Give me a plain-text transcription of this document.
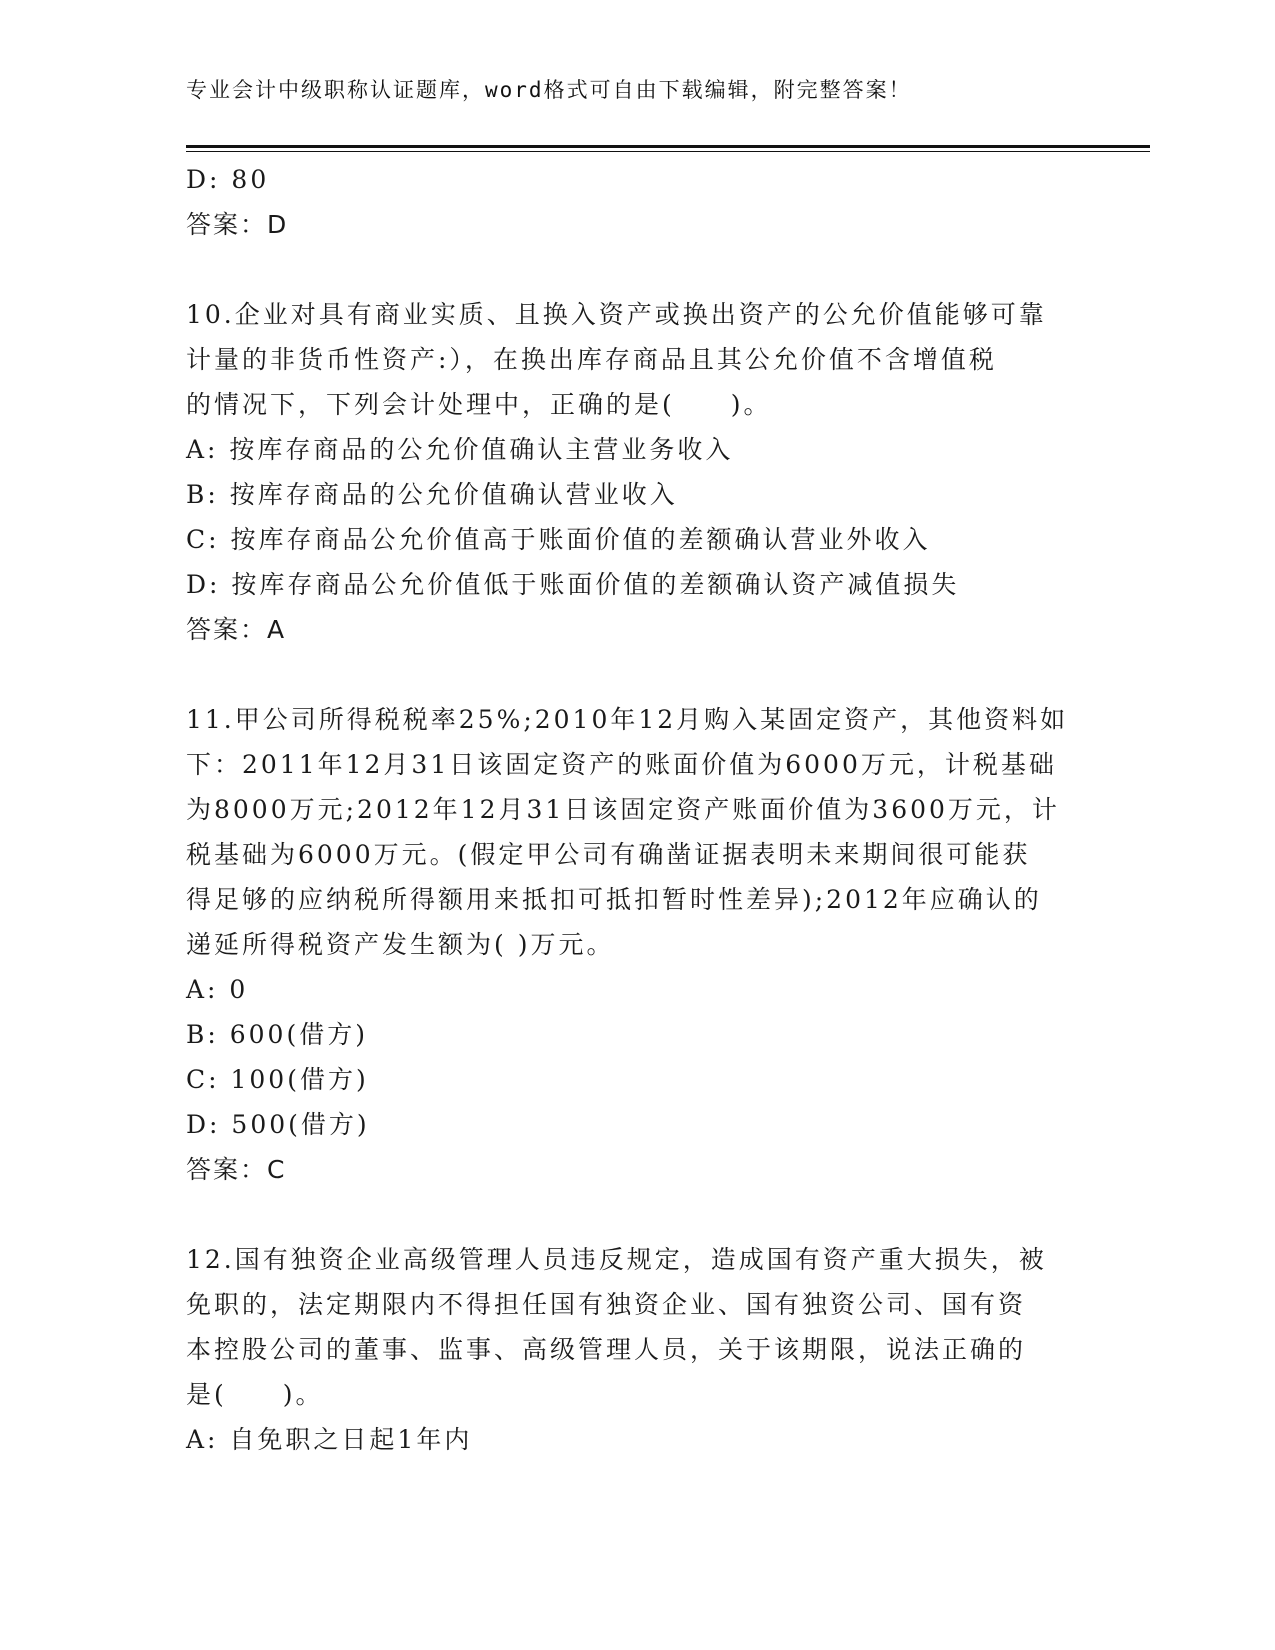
专业会计中级职称认证题库，word格式可自由下载编辑，附完整答案！
D: 80
答案：D
10.企业对具有商业实质、且换入资产或换出资产的公允价值能够可靠
计量的非货币性资产:），在换出库存商品且其公允价值不含增值税
的情况下，下列会计处理中，正确的是(　　)。
A: 按库存商品的公允价值确认主营业务收入
B: 按库存商品的公允价值确认营业收入
C: 按库存商品公允价值高于账面价值的差额确认营业外收入
D: 按库存商品公允价值低于账面价值的差额确认资产减值损失
答案：A
11.甲公司所得税税率25%;2010年12月购入某固定资产，其他资料如
下：2011年12月31日该固定资产的账面价值为6000万元，计税基础
为8000万元;2012年12月31日该固定资产账面价值为3600万元，计
税基础为6000万元。(假定甲公司有确凿证据表明未来期间很可能获
得足够的应纳税所得额用来抵扣可抵扣暂时性差异);2012年应确认的
递延所得税资产发生额为( )万元。
A: 0
B: 600(借方)
C: 100(借方)
D: 500(借方)
答案：C
12.国有独资企业高级管理人员违反规定，造成国有资产重大损失，被
免职的，法定期限内不得担任国有独资企业、国有独资公司、国有资
本控股公司的董事、监事、高级管理人员，关于该期限，说法正确的
是(　　)。
A: 自免职之日起1年内
